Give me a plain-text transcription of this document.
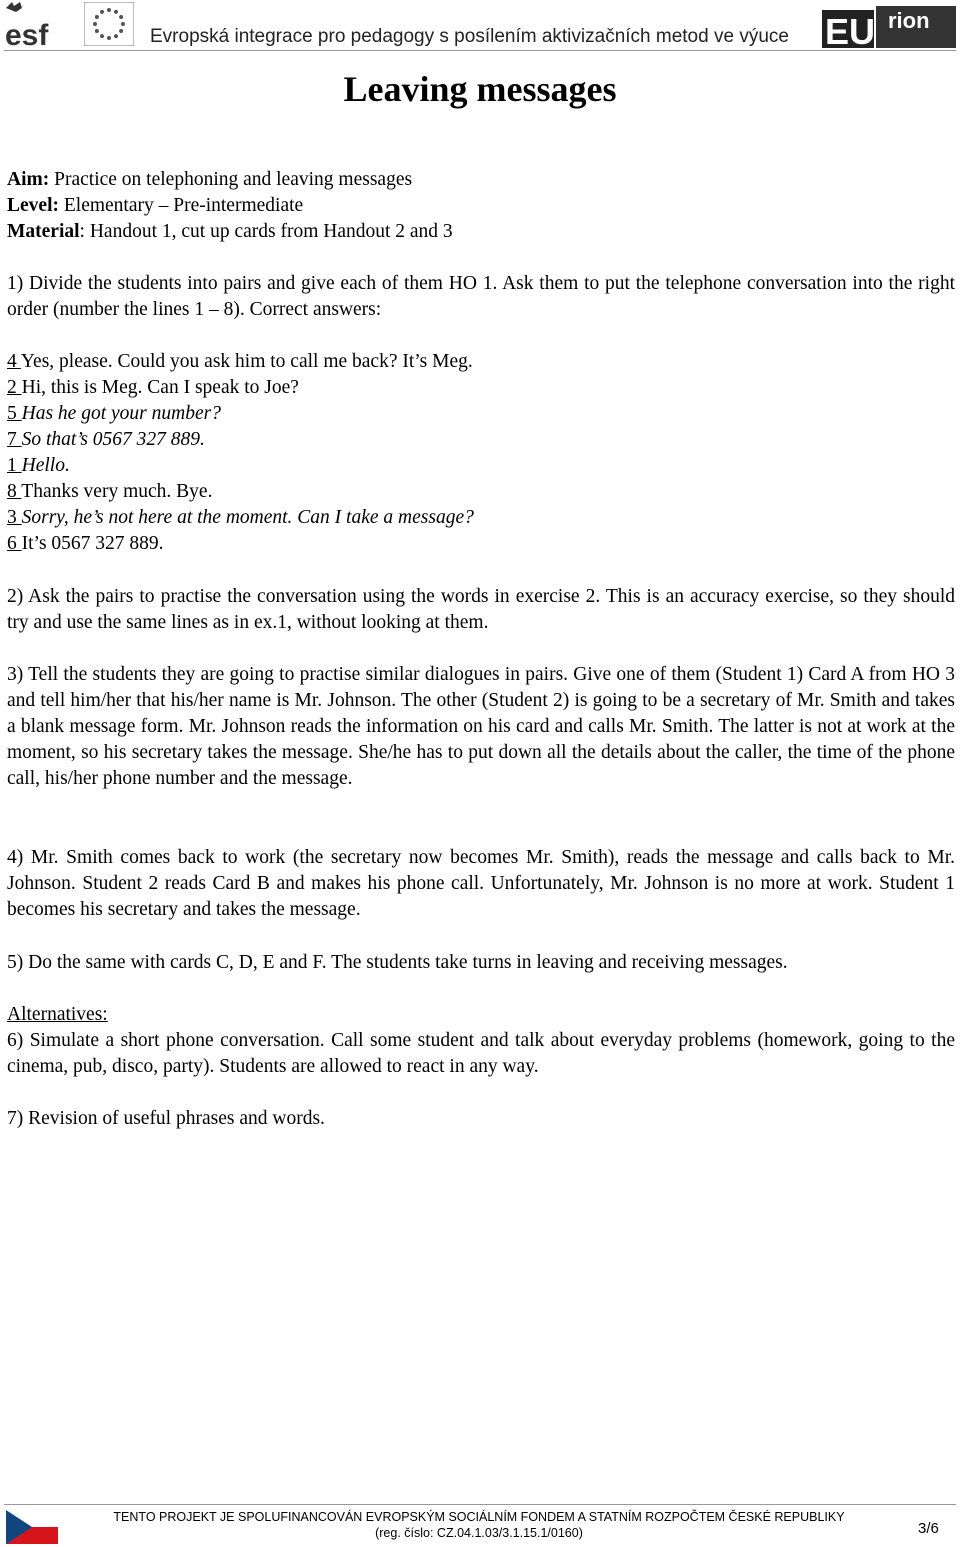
esf	Evropská integrace pro pedagogy s posílením aktivizačních metod ve výuce EU rion
Leaving messages

Aim: Practice on telephoning and leaving messages

Level: Elementary – Pre-intermediate

Material: Handout 1, cut up cards from Handout 2 and 3

1) Divide the students into pairs and give each of them HO 1. Ask them to put the telephone conversation into the right order (number the lines 1 – 8). Correct answers:

4 Yes, please. Could you ask him to call me back? It’s Meg.

2 Hi, this is Meg. Can I speak to Joe?

5 Has he got your number?

7 So that’s 0567 327 889.

1 Hello.

8 Thanks very much. Bye.

3 Sorry, he’s not here at the moment. Can I take a message?

6 It’s 0567 327 889.

2) Ask the pairs to practise the conversation using the words in exercise 2. This is an accuracy exercise, so they should try and use the same lines as in ex.1, without looking at them.
3) Tell the students they are going to practise similar dialogues in pairs. Give one of them (Student 1) Card A from HO 3 and tell him/her that his/her name is Mr. Johnson. The other (Student 2) is going to be a secretary of Mr. Smith and takes a blank message form. Mr. Johnson reads the information on his card and calls Mr. Smith. The latter is not at work at the moment, so his secretary takes the message. She/he has to put down all the details about the caller, the time of the phone call, his/her phone number and the message.
4) Mr. Smith comes back to work (the secretary now becomes Mr. Smith), reads the message and calls back to Mr. Johnson. Student 2 reads Card B and makes his phone call. Unfortunately, Mr. Johnson is no more at work. Student 1 becomes his secretary and takes the message.
5) Do the same with cards C, D, E and F. The students take turns in leaving and receiving messages.

Alternatives:

6) Simulate a short phone conversation. Call some student and talk about everyday problems (homework, going to the cinema, pub, disco, party). Students are allowed to react in any way.

7) Revision of useful phrases and words.
TENTO PROJEKT JE SPOLUFINANCOVÁN EVROPSKÝM SOCIÁLNÍM FONDEM A STATNÍM ROZPOČTEM ČESKÉ REPUBLIKY
(reg. číslo: CZ.04.1.03/3.1.15.1/0160)	3/6
